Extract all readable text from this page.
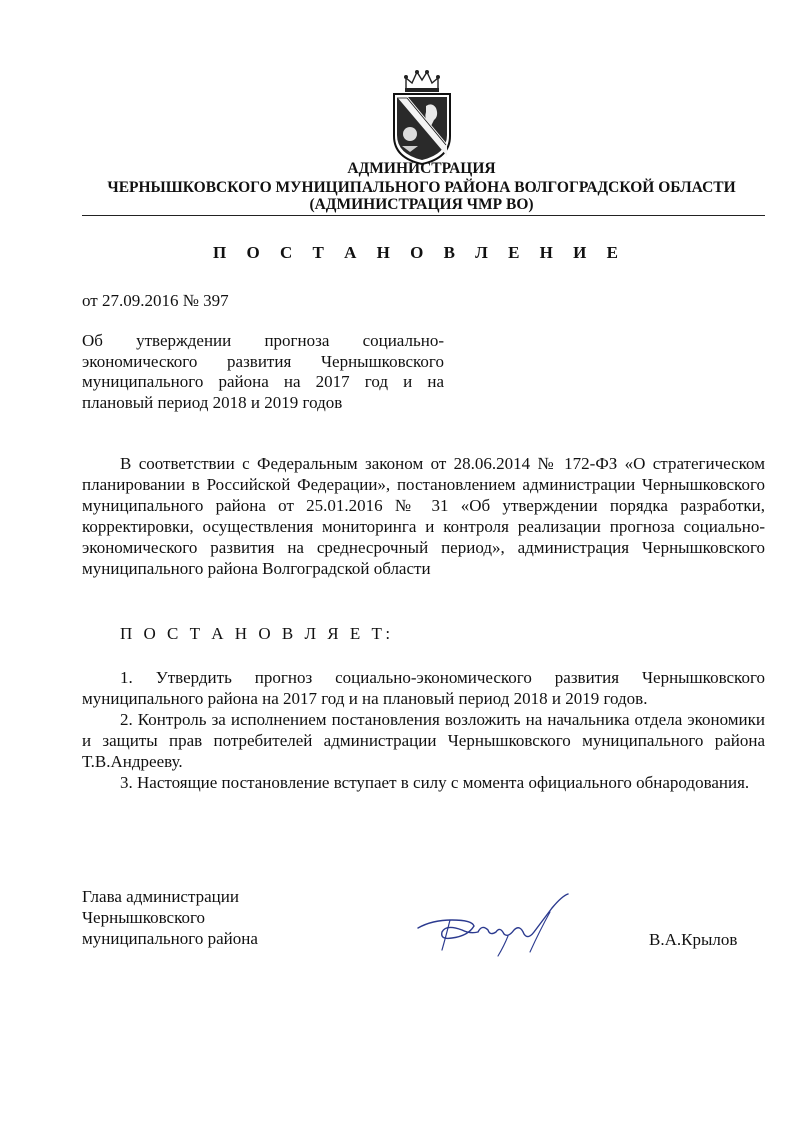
АДМИНИСТРАЦИЯ
ЧЕРНЫШКОВСКОГО МУНИЦИПАЛЬНОГО РАЙОНА ВОЛГОГРАДСКОЙ ОБЛАСТИ
(АДМИНИСТРАЦИЯ ЧМР ВО)
П О С Т А Н О В Л Е Н И Е
от 27.09.2016 № 397
Об утверждении прогноза социально-экономического развития Чернышковского муниципального района на 2017 год и на плановый период 2018 и 2019 годов
В соответствии с Федеральным законом от 28.06.2014 № 172-ФЗ «О стратегическом планировании в Российской Федерации», постановлением администрации Чернышковского муниципального района от 25.01.2016 № 31 «Об утверждении порядка разработки, корректировки, осуществления мониторинга и контроля реализации прогноза социально-экономического развития на среднесрочный период», администрация Чернышковского муниципального района Волгоградской области
П О С Т А Н О В Л Я Е Т:

1. Утвердить прогноз социально-экономического развития Чернышковского муниципального района на 2017 год и на плановый период 2018 и 2019 годов.

2. Контроль за исполнением постановления возложить на начальника отдела экономики и защиты прав потребителей администрации Чернышковского муниципального района Т.В.Андрееву.

3. Настоящие постановление вступает в силу с момента официального обнародования.

Глава администрации
Чернышковского
муниципального района	В.А.Крылов
